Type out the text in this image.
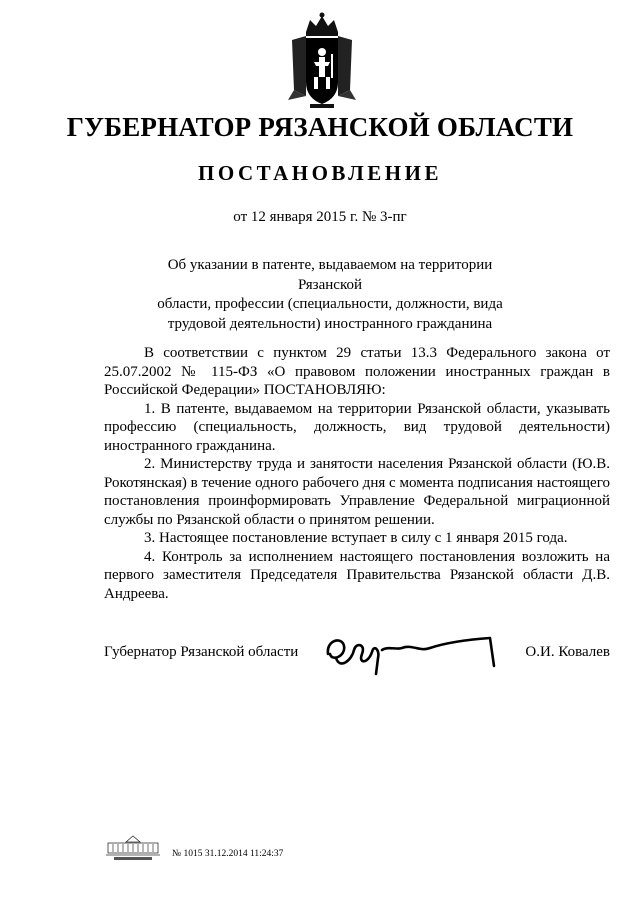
ГУБЕРНАТОР РЯЗАНСКОЙ ОБЛАСТИ
ПОСТАНОВЛЕНИЕ
от 12 января 2015 г. № 3-пг
Об указании в патенте, выдаваемом на территории Рязанской
области, профессии (специальности, должности, вида
трудовой деятельности) иностранного гражданина

В соответствии с пунктом 29 статьи 13.3 Федерального закона от 25.07.2002 № 115-ФЗ «О правовом положении иностранных граждан в Российской Федерации» ПОСТАНОВЛЯЮ:

1. В патенте, выдаваемом на территории Рязанской области, указывать профессию (специальность, должность, вид трудовой деятельности) иностранного гражданина.

2. Министерству труда и занятости населения Рязанской области (Ю.В. Рокотянская) в течение одного рабочего дня с момента подписания настоящего постановления проинформировать Управление Федеральной миграционной службы по Рязанской области о принятом решении.

3. Настоящее постановление вступает в силу с 1 января 2015 года.

4. Контроль за исполнением настоящего постановления возложить на первого заместителя Председателя Правительства Рязанской области Д.В. Андреева.

Губернатор Рязанской области	О.И. Ковалев
№ 1015 31.12.2014 11:24:37
